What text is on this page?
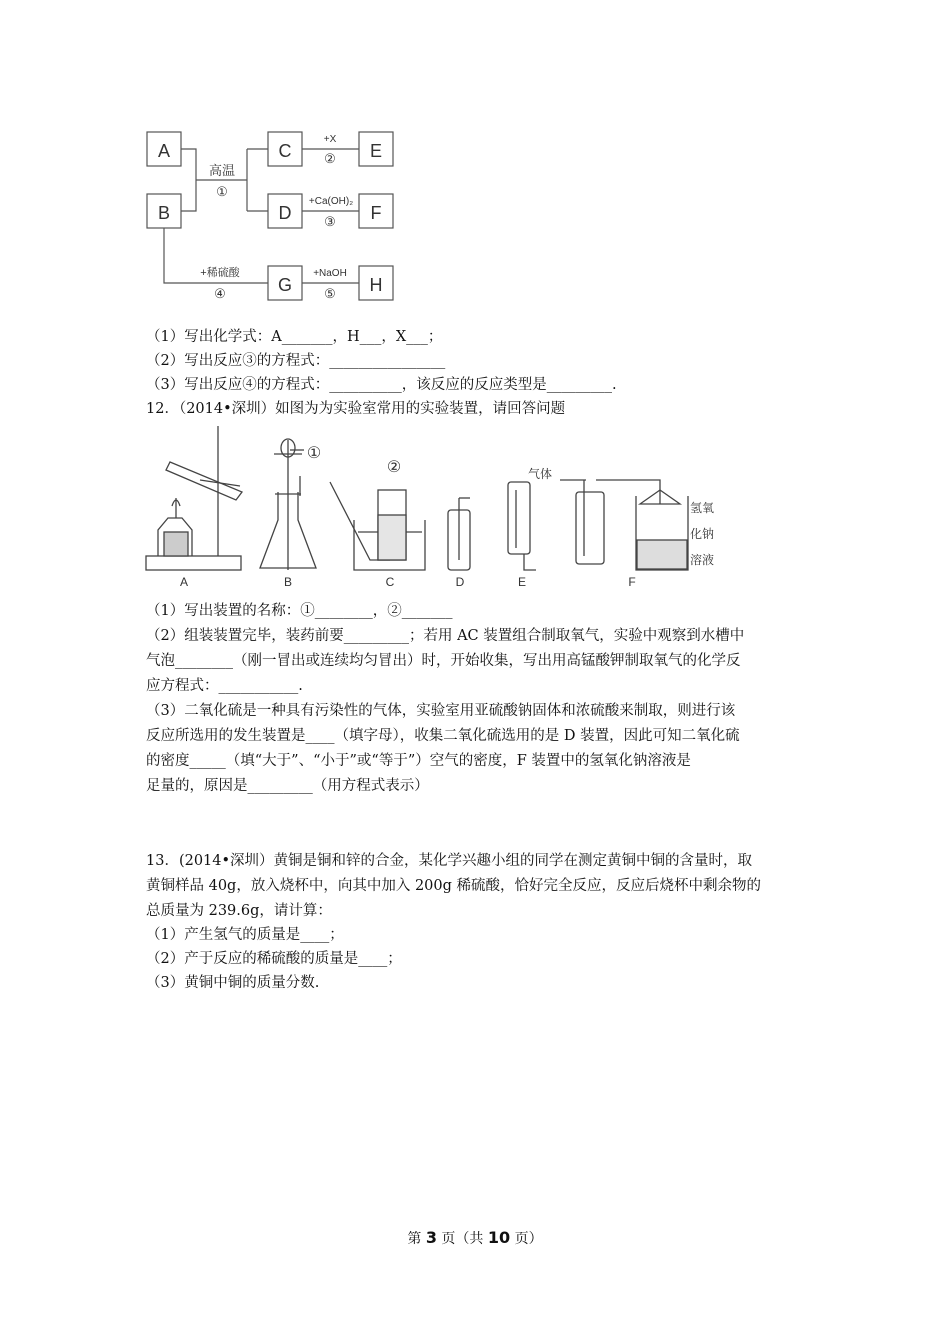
A
B
C
D
E
F
G	H
高温
①
+X
②
+Ca(OH)₂
③
+稀硫酸
④
+NaOH
⑤
（1）写出化学式：A_______，H___，X___；
（2）写出反应③的方程式：________________
（3）写出反应④的方程式：__________，该反应的反应类型是_________.
12．（2014•深圳）如图为为实验室常用的实验装置，请回答问题
A	B	C	D	E	F
①
②	气体
氢氧
化钠
溶液
（1）写出装置的名称：①________，②_______
（2）组装装置完毕，装药前要_________；若用 AC 装置组合制取氧气，实验中观察到水槽中
气泡________（刚一冒出或连续均匀冒出）时，开始收集，写出用高锰酸钾制取氧气的化学反
应方程式：___________.
（3）二氧化硫是一种具有污染性的气体，实验室用亚硫酸钠固体和浓硫酸来制取，则进行该
反应所选用的发生装置是____（填字母），收集二氧化硫选用的是 D 装置，因此可知二氧化硫
的密度_____（填“大于”、“小于”或“等于”）空气的密度，F 装置中的氢氧化钠溶液是
足量的，原因是_________（用方程式表示）
13．(2014•深圳）黄铜是铜和锌的合金，某化学兴趣小组的同学在测定黄铜中铜的含量时，取
黄铜样品 40g，放入烧杯中，向其中加入 200g 稀硫酸，恰好完全反应，反应后烧杯中剩余物的
总质量为 239.6g，请计算：
（1）产生氢气的质量是____；
（2）产于反应的稀硫酸的质量是____；
（3）黄铜中铜的质量分数.
第 3 页（共 10 页）
